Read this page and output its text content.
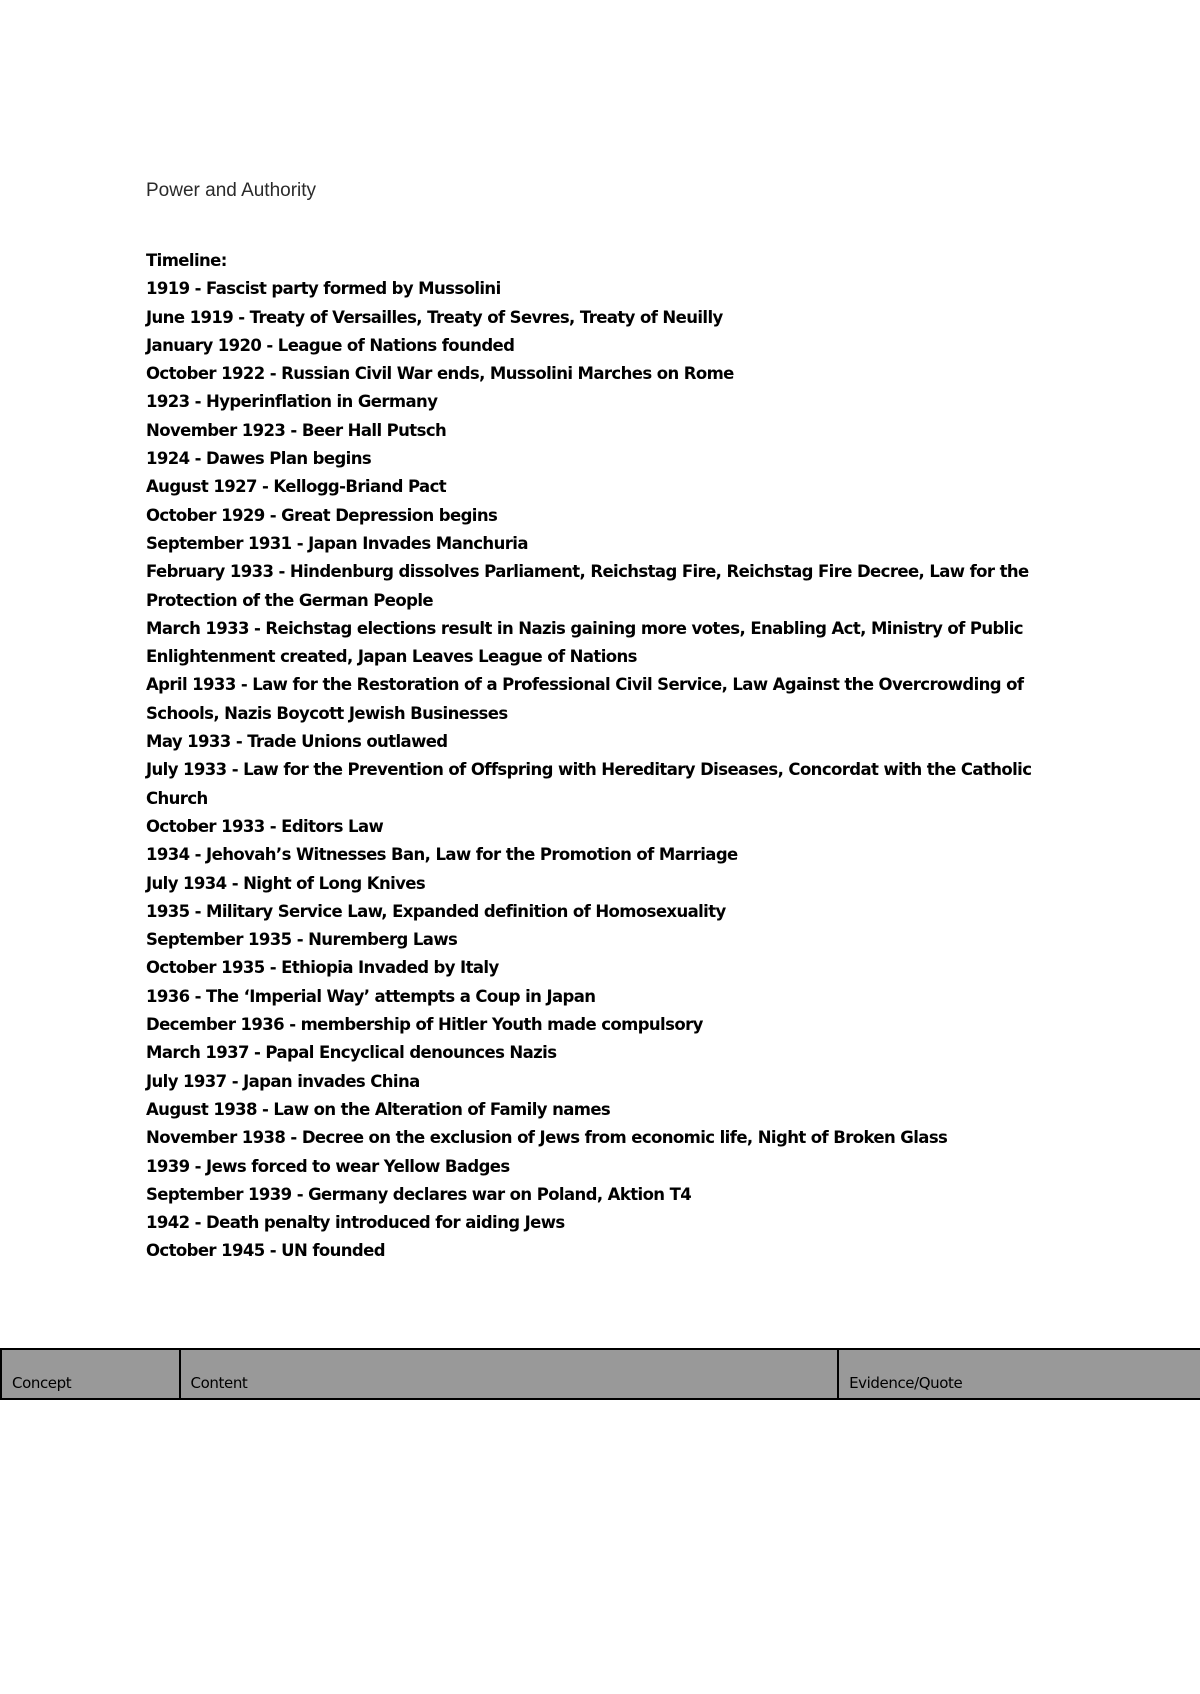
Power and Authority

Timeline:

1919 - Fascist party formed by Mussolini
June 1919 - Treaty of Versailles, Treaty of Sevres, Treaty of Neuilly
January 1920 - League of Nations founded
October 1922 - Russian Civil War ends, Mussolini Marches on Rome
1923 - Hyperinflation in Germany
November 1923 - Beer Hall Putsch
1924 - Dawes Plan begins
August 1927 - Kellogg-Briand Pact
October 1929 - Great Depression begins
September 1931 - Japan Invades Manchuria
February 1933 - Hindenburg dissolves Parliament, Reichstag Fire, Reichstag Fire Decree, Law for the Protection of the German People
March 1933 - Reichstag elections result in Nazis gaining more votes, Enabling Act, Ministry of Public Enlightenment created, Japan Leaves League of Nations
April 1933 - Law for the Restoration of a Professional Civil Service, Law Against the Overcrowding of Schools, Nazis Boycott Jewish Businesses
May 1933 - Trade Unions outlawed
July 1933 - Law for the Prevention of Offspring with Hereditary Diseases, Concordat with the Catholic Church
October 1933 - Editors Law
1934 - Jehovah’s Witnesses Ban, Law for the Promotion of Marriage
July 1934 - Night of Long Knives
1935 - Military Service Law, Expanded definition of Homosexuality
September 1935 - Nuremberg Laws
October 1935 - Ethiopia Invaded by Italy
1936 - The ‘Imperial Way’ attempts a Coup in Japan
December 1936 - membership of Hitler Youth made compulsory
March 1937 - Papal Encyclical denounces Nazis
July 1937 - Japan invades China
August 1938 - Law on the Alteration of Family names
November 1938 - Decree on the exclusion of Jews from economic life, Night of Broken Glass
1939 - Jews forced to wear Yellow Badges
September 1939 - Germany declares war on Poland, Aktion T4
1942 - Death penalty introduced for aiding Jews
October 1945 - UN founded
Concept	Content	Evidence/Quote
